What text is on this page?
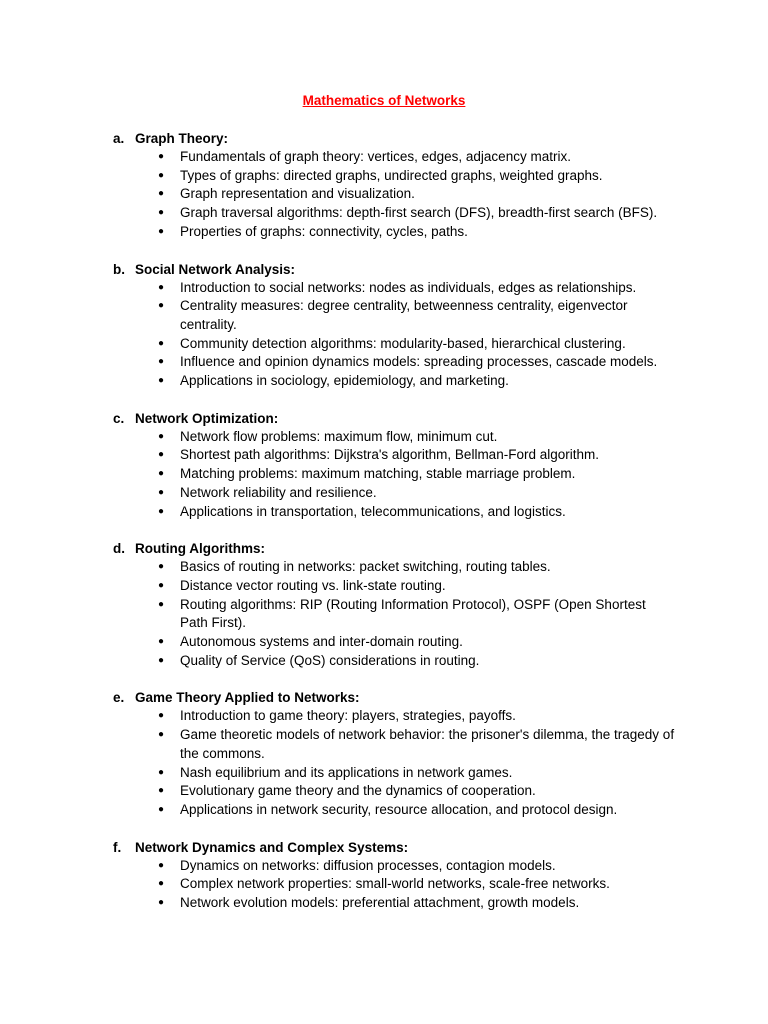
Mathematics of Networks
a. Graph Theory:
●	Fundamentals of graph theory: vertices, edges, adjacency matrix.
●	Types of graphs: directed graphs, undirected graphs, weighted graphs.
●	Graph representation and visualization.
●	Graph traversal algorithms: depth-first search (DFS), breadth-first search (BFS).
●	Properties of graphs: connectivity, cycles, paths.
b. Social Network Analysis:
●	Introduction to social networks: nodes as individuals, edges as relationships.
●	Centrality measures: degree centrality, betweenness centrality, eigenvector centrality.
●	Community detection algorithms: modularity-based, hierarchical clustering.
●	Influence and opinion dynamics models: spreading processes, cascade models.
●	Applications in sociology, epidemiology, and marketing.
c. Network Optimization:
●	Network flow problems: maximum flow, minimum cut.
●	Shortest path algorithms: Dijkstra's algorithm, Bellman-Ford algorithm.
●	Matching problems: maximum matching, stable marriage problem.
●	Network reliability and resilience.
●	Applications in transportation, telecommunications, and logistics.
d. Routing Algorithms:
●	Basics of routing in networks: packet switching, routing tables.
●	Distance vector routing vs. link-state routing.
●	Routing algorithms: RIP (Routing Information Protocol), OSPF (Open Shortest Path First).
●	Autonomous systems and inter-domain routing.
●	Quality of Service (QoS) considerations in routing.
e. Game Theory Applied to Networks:
●	Introduction to game theory: players, strategies, payoffs.
●	Game theoretic models of network behavior: the prisoner's dilemma, the tragedy of the commons.
●	Nash equilibrium and its applications in network games.
●	Evolutionary game theory and the dynamics of cooperation.
●	Applications in network security, resource allocation, and protocol design.
f.	Network Dynamics and Complex Systems:
●	Dynamics on networks: diffusion processes, contagion models.
●	Complex network properties: small-world networks, scale-free networks.
●	Network evolution models: preferential attachment, growth models.
